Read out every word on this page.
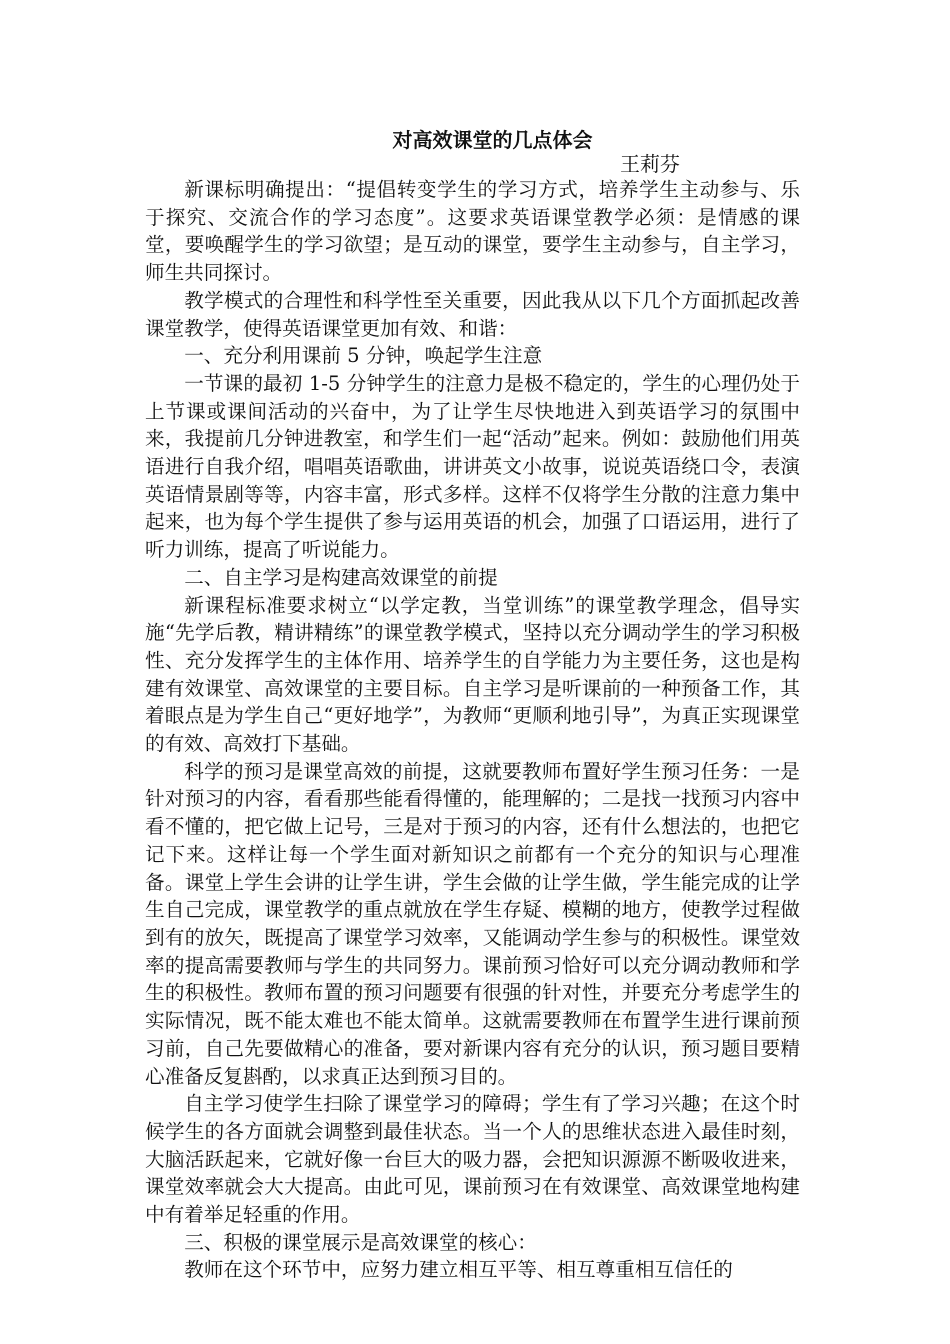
对高效课堂的几点体会
王莉芬

新课标明确提出：“提倡转变学生的学习方式，培养学生主动参与、乐于探究、交流合作的学习态度”。这要求英语课堂教学必须：是情感的课堂，要唤醒学生的学习欲望；是互动的课堂，要学生主动参与，自主学习，师生共同探讨。

教学模式的合理性和科学性至关重要，因此我从以下几个方面抓起改善课堂教学，使得英语课堂更加有效、和谐：

一、充分利用课前 5 分钟，唤起学生注意

一节课的最初 1-5 分钟学生的注意力是极不稳定的，学生的心理仍处于上节课或课间活动的兴奋中，为了让学生尽快地进入到英语学习的氛围中来，我提前几分钟进教室，和学生们一起“活动”起来。例如：鼓励他们用英语进行自我介绍，唱唱英语歌曲，讲讲英文小故事，说说英语绕口令，表演英语情景剧等等，内容丰富，形式多样。这样不仅将学生分散的注意力集中起来，也为每个学生提供了参与运用英语的机会，加强了口语运用，进行了听力训练，提高了听说能力。

二、自主学习是构建高效课堂的前提

新课程标准要求树立“以学定教，当堂训练”的课堂教学理念，倡导实施“先学后教，精讲精练”的课堂教学模式，坚持以充分调动学生的学习积极性、充分发挥学生的主体作用、培养学生的自学能力为主要任务，这也是构建有效课堂、高效课堂的主要目标。自主学习是听课前的一种预备工作，其着眼点是为学生自己“更好地学”，为教师“更顺利地引导”，为真正实现课堂的有效、高效打下基础。

科学的预习是课堂高效的前提，这就要教师布置好学生预习任务：一是针对预习的内容，看看那些能看得懂的，能理解的；二是找一找预习内容中看不懂的，把它做上记号，三是对于预习的内容，还有什么想法的，也把它记下来。这样让每一个学生面对新知识之前都有一个充分的知识与心理准备。课堂上学生会讲的让学生讲，学生会做的让学生做，学生能完成的让学生自己完成，课堂教学的重点就放在学生存疑、模糊的地方，使教学过程做到有的放矢，既提高了课堂学习效率，又能调动学生参与的积极性。课堂效率的提高需要教师与学生的共同努力。课前预习恰好可以充分调动教师和学生的积极性。教师布置的预习问题要有很强的针对性，并要充分考虑学生的实际情况，既不能太难也不能太简单。这就需要教师在布置学生进行课前预习前，自己先要做精心的准备，要对新课内容有充分的认识，预习题目要精心准备反复斟酌，以求真正达到预习目的。

自主学习使学生扫除了课堂学习的障碍；学生有了学习兴趣；在这个时候学生的各方面就会调整到最佳状态。当一个人的思维状态进入最佳时刻，大脑活跃起来，它就好像一台巨大的吸力器，会把知识源源不断吸收进来，课堂效率就会大大提高。由此可见，课前预习在有效课堂、高效课堂地构建中有着举足轻重的作用。

三、积极的课堂展示是高效课堂的核心：

教师在这个环节中，应努力建立相互平等、相互尊重相互信任的
